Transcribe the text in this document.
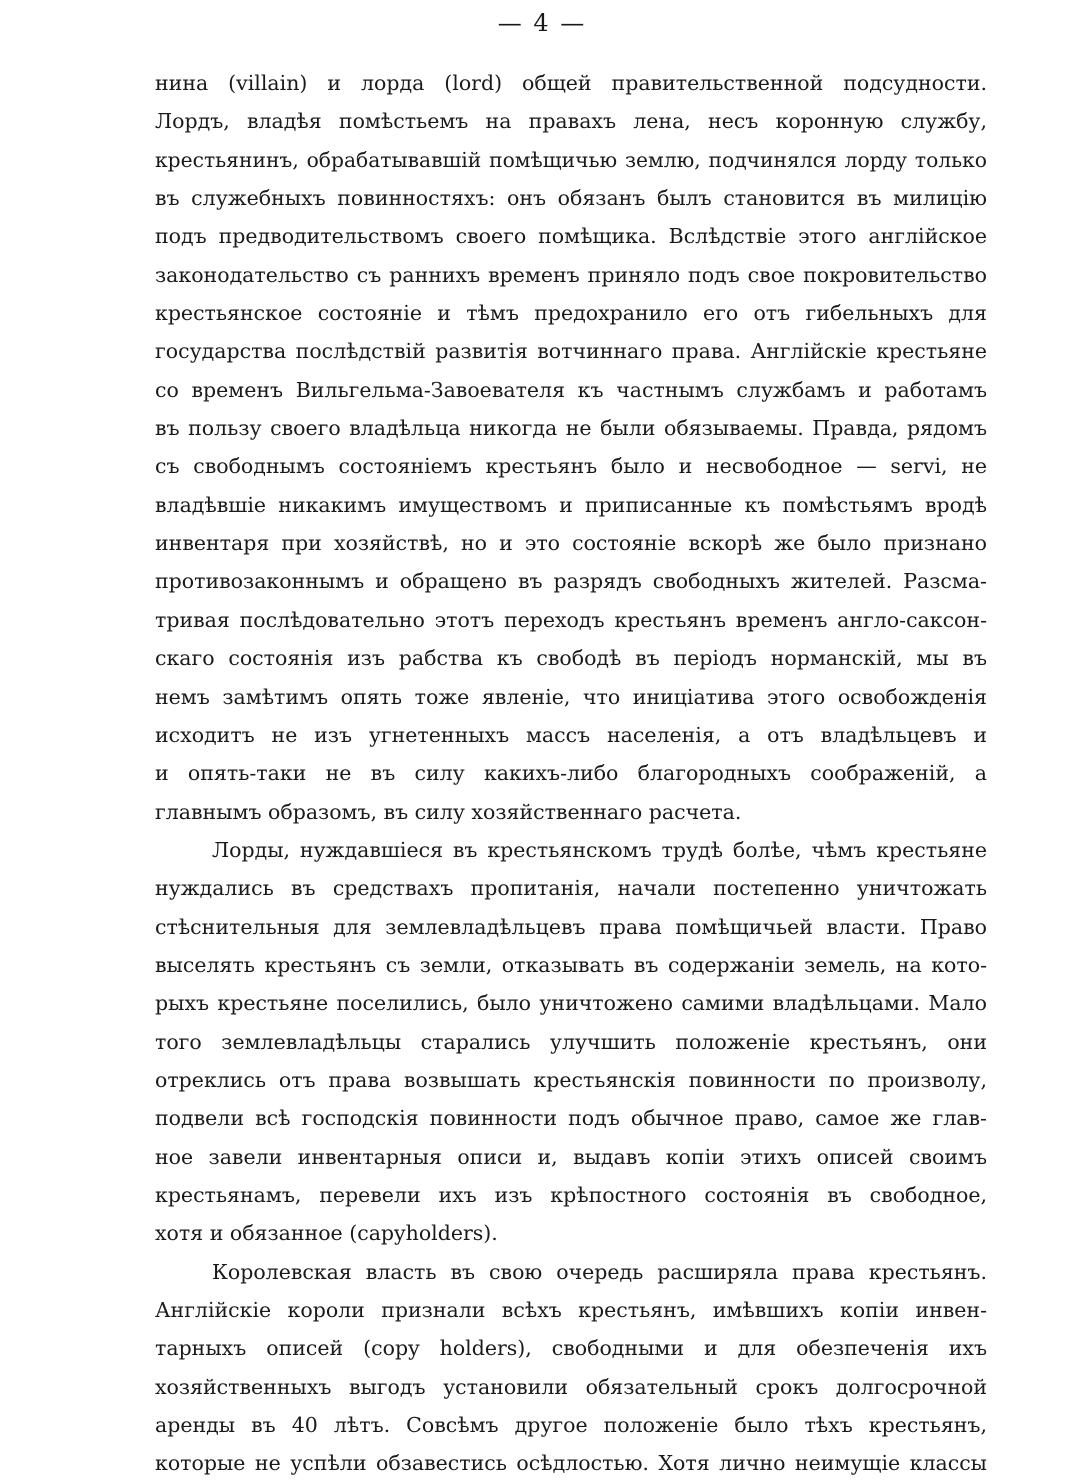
— 4 —
нина (villain) и лорда (lord) общей правительственной подсудности.
Лордъ, владѣя помѣстьемъ на правахъ лена, несъ коронную службу,
крестьянинъ, обрабатывавшій помѣщичью землю, подчинялся лорду только
въ служебныхъ повинностяхъ: онъ обязанъ былъ становится въ милицію
подъ предводительствомъ своего помѣщика. Вслѣдствіе этого англійское
законодательство съ раннихъ временъ приняло подъ свое покровительство
крестьянское состояніе и тѣмъ предохранило его отъ гибельныхъ для
государства послѣдствій развитія вотчиннаго права. Англійскіе крестьяне
со временъ Вильгельма-Завоевателя къ частнымъ службамъ и работамъ
въ пользу своего владѣльца никогда не были обязываемы. Правда, рядомъ
съ свободнымъ состояніемъ крестьянъ было и несвободное — servi, не
владѣвшіе никакимъ имуществомъ и приписанные къ помѣстьямъ вродѣ
инвентаря при хозяйствѣ, но и это состояніе вскорѣ же было признано
противозаконнымъ и обращено въ разрядъ свободныхъ жителей. Разсма-
тривая послѣдовательно этотъ переходъ крестьянъ временъ англо-саксон-
скаго состоянія изъ рабства къ свободѣ въ періодъ норманскій, мы въ
немъ замѣтимъ опять тоже явленіе, что иниціатива этого освобожденія
исходитъ не изъ угнетенныхъ массъ населенія, а отъ владѣльцевъ и
и опять-таки не въ силу какихъ-либо благородныхъ соображеній, а
главнымъ образомъ, въ силу хозяйственнаго расчета.
Лорды, нуждавшіеся въ крестьянскомъ трудѣ болѣе, чѣмъ крестьяне
нуждались въ средствахъ пропитанія, начали постепенно уничтожать
стѣснительныя для землевладѣльцевъ права помѣщичьей власти. Право
выселять крестьянъ съ земли, отказывать въ содержаніи земель, на кото-
рыхъ крестьяне поселились, было уничтожено самими владѣльцами. Мало
того землевладѣльцы старались улучшить положеніе крестьянъ, они
отреклись отъ права возвышать крестьянскія повинности по произволу,
подвели всѣ господскія повинности подъ обычное право, самое же глав-
ное завели инвентарныя описи и, выдавъ копіи этихъ описей своимъ
крестьянамъ, перевели ихъ изъ крѣпостного состоянія въ свободное,
хотя и обязанное (capyholders).
Королевская власть въ свою очередь расширяла права крестьянъ.
Англійскіе короли признали всѣхъ крестьянъ, имѣвшихъ копіи инвен-
тарныхъ описей (copy holders), свободными и для обезпеченія ихъ
хозяйственныхъ выгодъ установили обязательный срокъ долгосрочной
аренды въ 40 лѣтъ. Совсѣмъ другое положеніе было тѣхъ крестьянъ,
которые не успѣли обзавестись осѣдлостью. Хотя лично неимущіе классы
